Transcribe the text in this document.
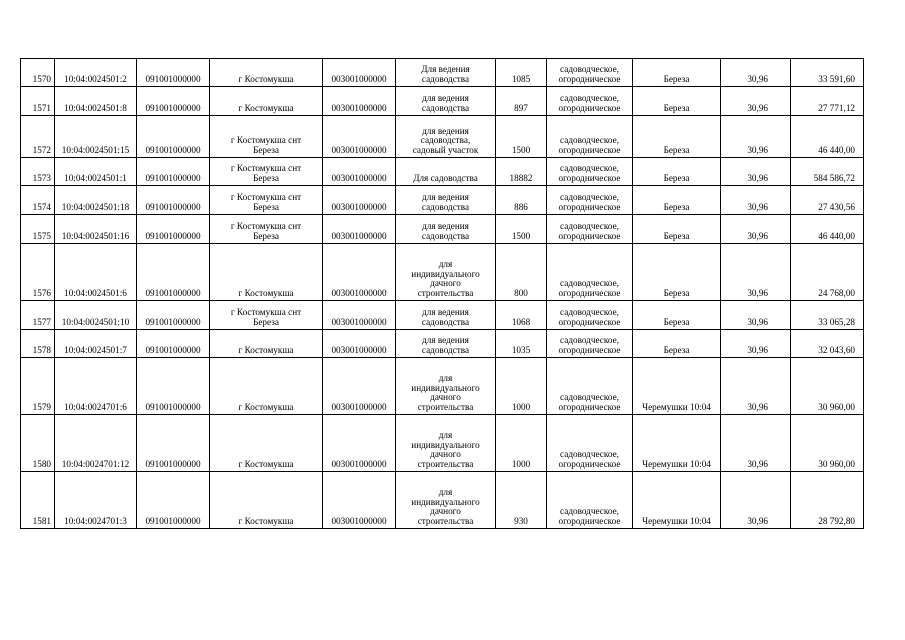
1570	10:04:0024501:2	091001000000	г Костомукша	003001000000	Для ведения
садоводства	1085	садоводческое,
огородническое	Береза	30,96	33 591,60
1571	10:04:0024501:8	091001000000	г Костомукша	003001000000	для ведения
садоводства	897	садоводческое,
огородническое	Береза	30,96	27 771,12
1572	10:04:0024501:15	091001000000	г Костомукша снт
Береза	003001000000	для ведения
садоводства,
садовый участок	1500	садоводческое,
огородническое	Береза	30,96	46 440,00
1573	10:04:0024501:1	091001000000	г Костомукша снт
Береза	003001000000	Для садоводства	18882	садоводческое,
огородническое	Береза	30,96	584 586,72
1574	10:04:0024501:18	091001000000	г Костомукша снт
Береза	003001000000	для ведения
садоводства	886	садоводческое,
огородническое	Береза	30,96	27 430,56
1575	10:04:0024501:16	091001000000	г Костомукша снт
Береза	003001000000	для ведения
садоводства	1500	садоводческое,
огородническое	Береза	30,96	46 440,00
1576	10:04:0024501:6	091001000000	г Костомукша	003001000000	для
индивидуального
дачного
строительства	800	садоводческое,
огородническое	Береза	30,96	24 768,00
1577	10:04:0024501:10	091001000000	г Костомукша снт
Береза	003001000000	для ведения
садоводства	1068	садоводческое,
огородническое	Береза	30,96	33 065,28
1578	10:04:0024501:7	091001000000	г Костомукша	003001000000	для ведения
садоводства	1035	садоводческое,
огородническое	Береза	30,96	32 043,60
1579	10:04:0024701:6	091001000000	г Костомукша	003001000000	для
индивидуального
дачного
строительства	1000	садоводческое,
огородническое	Черемушки 10:04	30,96	30 960,00
1580	10:04:0024701:12	091001000000	г Костомукша	003001000000	для
индивидуального
дачного
строительства	1000	садоводческое,
огородническое	Черемушки 10:04	30,96	30 960,00
1581	10:04:0024701:3	091001000000	г Костомукша	003001000000	для
индивидуального
дачного
строительства	930	садоводческое,
огородническое	Черемушки 10:04	30,96	28 792,80
